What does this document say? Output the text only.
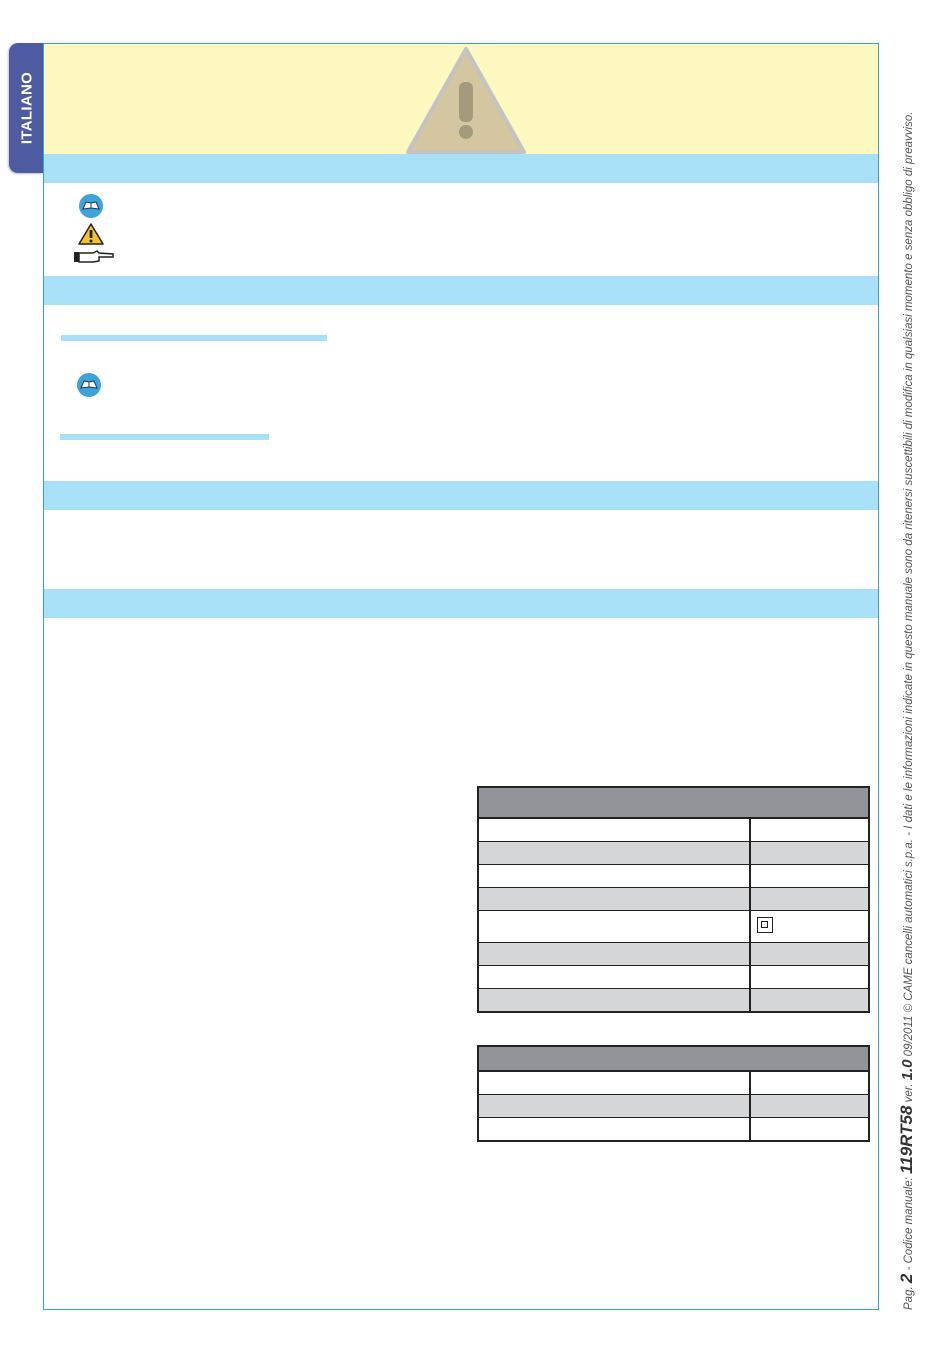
ITALIANO
Pag. 2 - Codice manuale: 119RT58 ver. 1.0 09/2011 © CAME cancelli automatici s.p.a. - I dati e le informazioni indicate in questo manuale sono da ritenersi suscettibili di modifica in qualsiasi momento e senza obbligo di preavviso.
